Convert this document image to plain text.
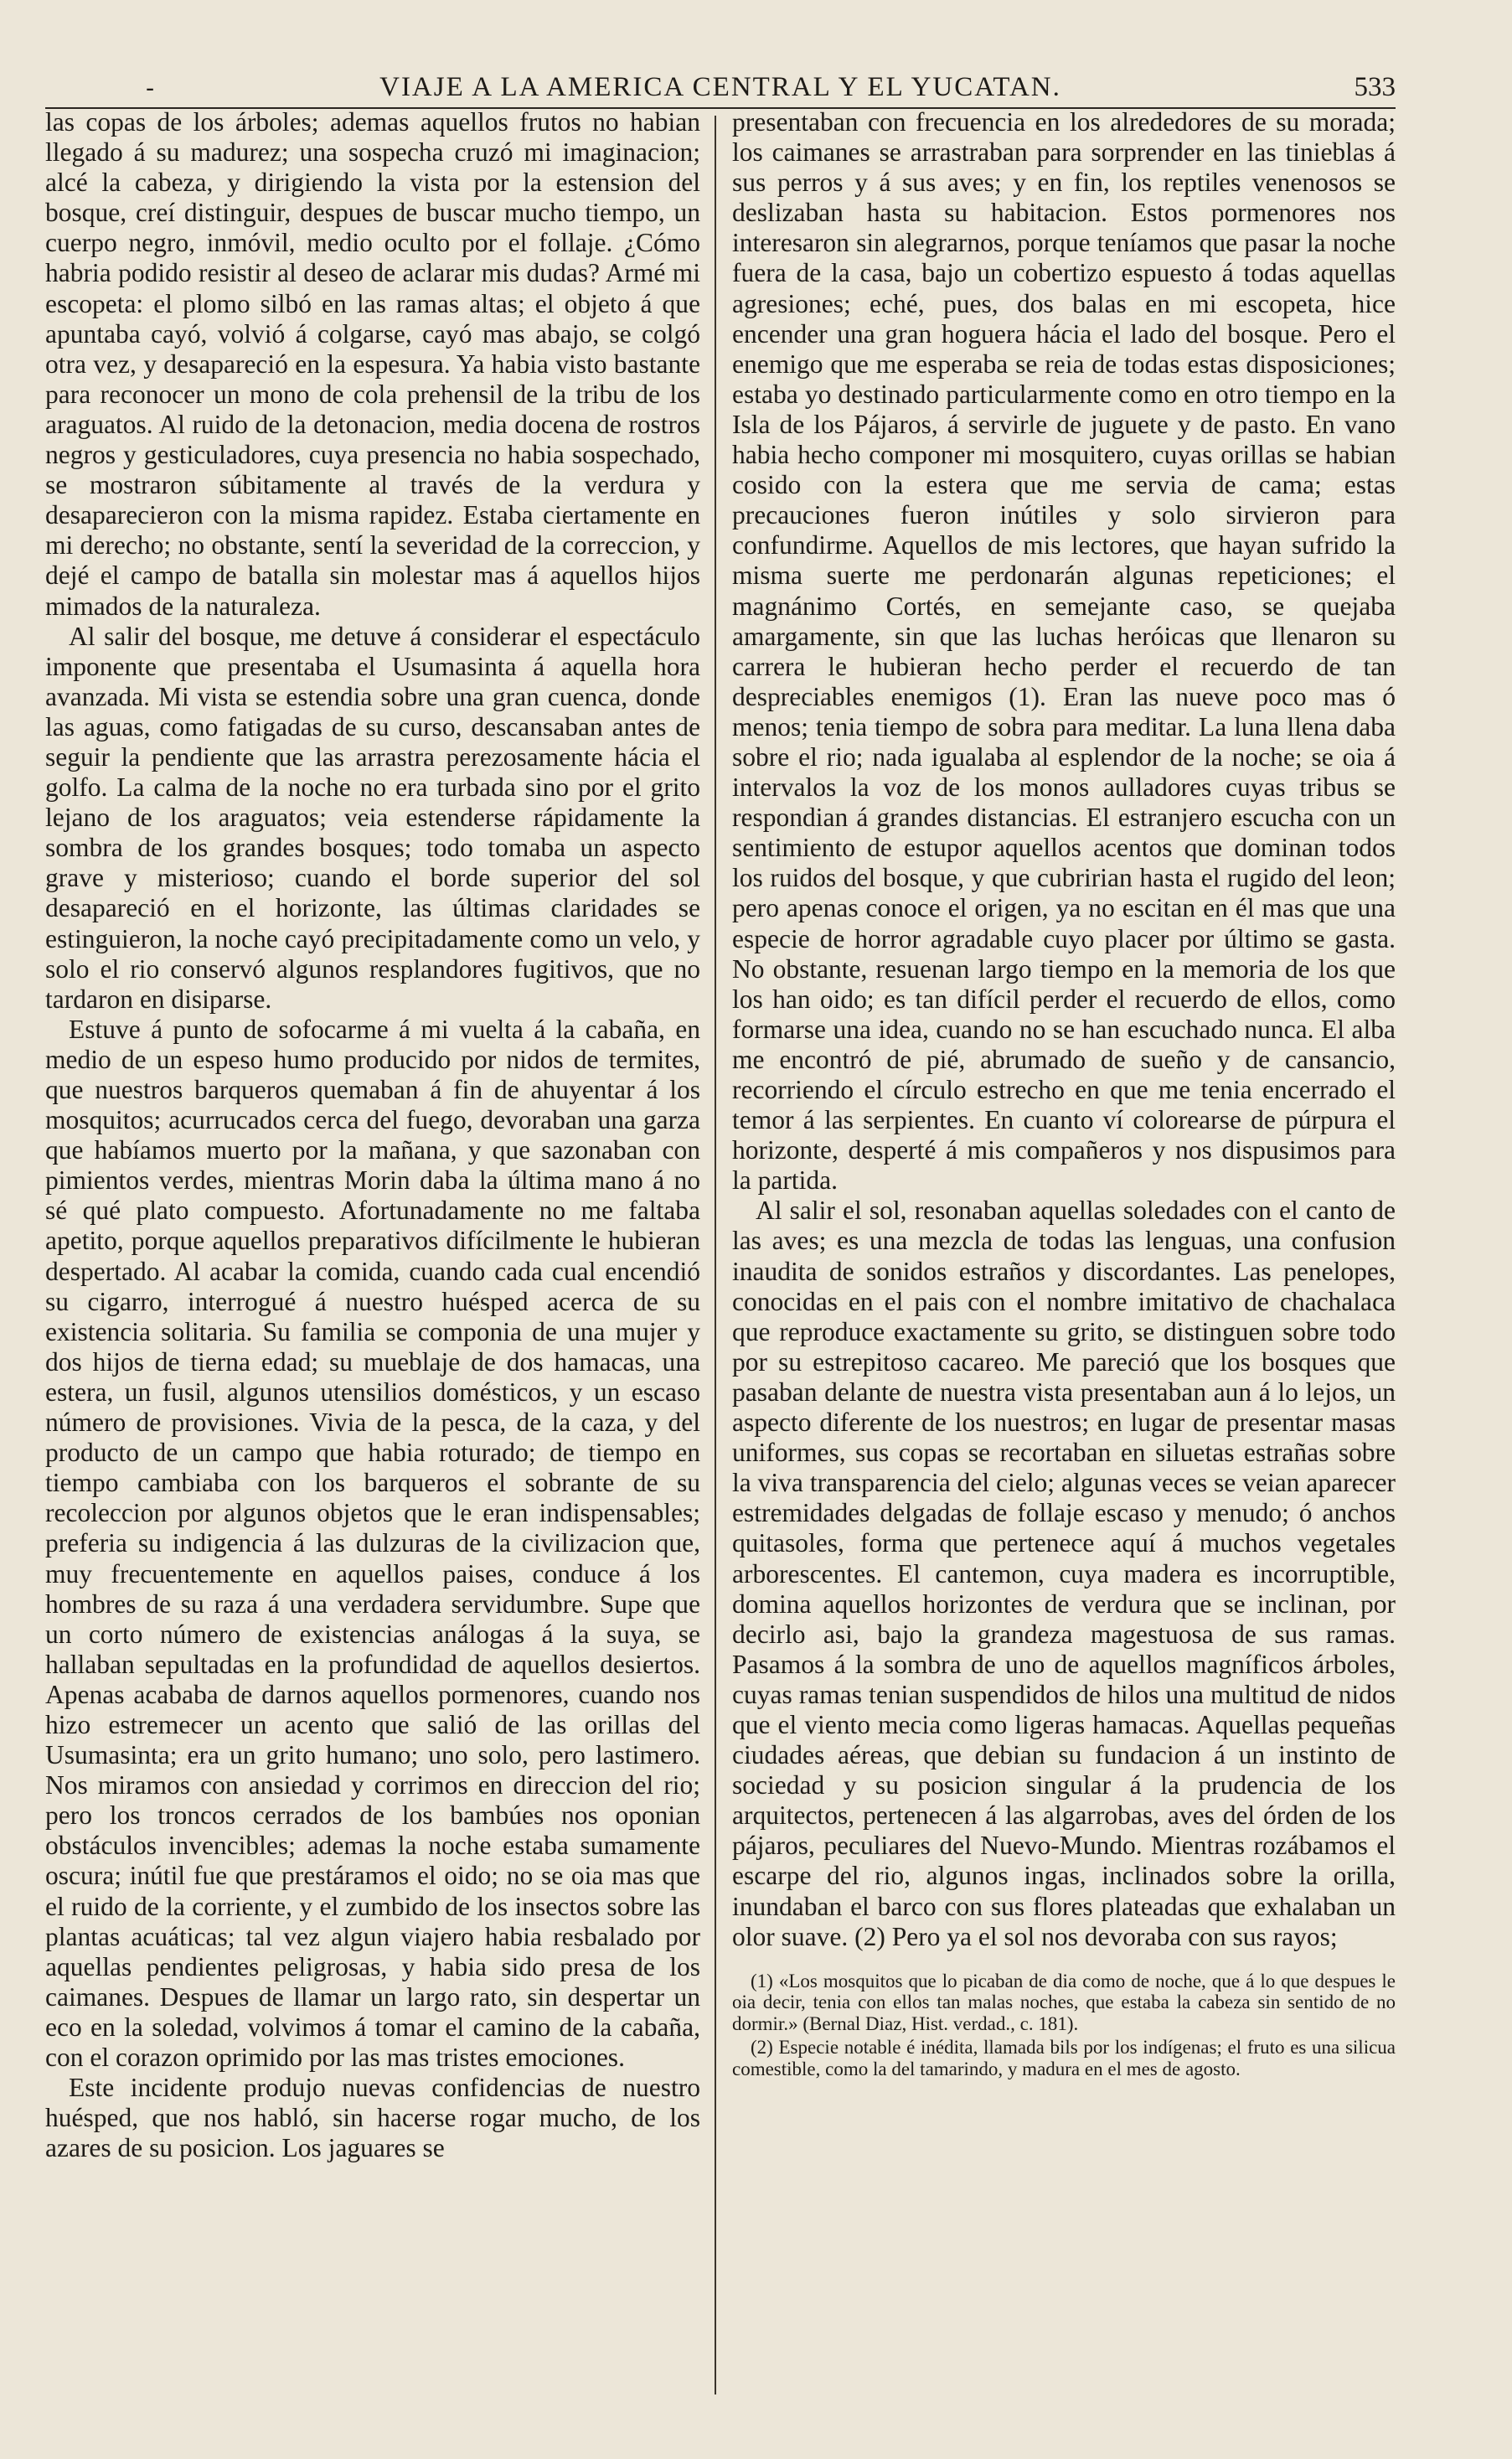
-	VIAJE A LA AMERICA CENTRAL Y EL YUCATAN.	533

las copas de los árboles; ademas aquellos frutos no habian llegado á su madurez; una sospecha cruzó mi imaginacion; alcé la cabeza, y dirigiendo la vista por la estension del bosque, creí distinguir, despues de buscar mucho tiempo, un cuerpo negro, inmóvil, medio oculto por el follaje. ¿Cómo habria podido resistir al deseo de aclarar mis dudas? Armé mi escopeta: el plomo silbó en las ramas altas; el objeto á que apuntaba cayó, volvió á colgarse, cayó mas abajo, se colgó otra vez, y desapareció en la espesura. Ya habia visto bastante para reconocer un mono de cola prehensil de la tribu de los araguatos. Al ruido de la detonacion, media docena de rostros negros y gesticuladores, cuya presencia no habia sospechado, se mostraron súbitamente al través de la verdura y desaparecieron con la misma rapidez. Estaba ciertamente en mi derecho; no obstante, sentí la severidad de la correccion, y dejé el campo de batalla sin molestar mas á aquellos hijos mimados de la naturaleza.

Al salir del bosque, me detuve á considerar el espectáculo imponente que presentaba el Usumasinta á aquella hora avanzada. Mi vista se estendia sobre una gran cuenca, donde las aguas, como fatigadas de su curso, descansaban antes de seguir la pendiente que las arrastra perezosamente hácia el golfo. La calma de la noche no era turbada sino por el grito lejano de los araguatos; veia estenderse rápidamente la sombra de los grandes bosques; todo tomaba un aspecto grave y misterioso; cuando el borde superior del sol desapareció en el horizonte, las últimas claridades se estinguieron, la noche cayó precipitadamente como un velo, y solo el rio conservó algunos resplandores fugitivos, que no tardaron en disiparse.

Estuve á punto de sofocarme á mi vuelta á la cabaña, en medio de un espeso humo producido por nidos de termites, que nuestros barqueros quemaban á fin de ahuyentar á los mosquitos; acurrucados cerca del fuego, devoraban una garza que habíamos muerto por la mañana, y que sazonaban con pimientos verdes, mientras Morin daba la última mano á no sé qué plato compuesto. Afortunadamente no me faltaba apetito, porque aquellos preparativos difícilmente le hubieran despertado. Al acabar la comida, cuando cada cual encendió su cigarro, interrogué á nuestro huésped acerca de su existencia solitaria. Su familia se componia de una mujer y dos hijos de tierna edad; su mueblaje de dos hamacas, una estera, un fusil, algunos utensilios domésticos, y un escaso número de provisiones. Vivia de la pesca, de la caza, y del producto de un campo que habia roturado; de tiempo en tiempo cambiaba con los barqueros el sobrante de su recoleccion por algunos objetos que le eran indispensables; preferia su indigencia á las dulzuras de la civilizacion que, muy frecuentemente en aquellos paises, conduce á los hombres de su raza á una verdadera servidumbre. Supe que un corto número de existencias análogas á la suya, se hallaban sepultadas en la profundidad de aquellos desiertos. Apenas acababa de darnos aquellos pormenores, cuando nos hizo estremecer un acento que salió de las orillas del Usumasinta; era un grito humano; uno solo, pero lastimero. Nos miramos con ansiedad y corrimos en direccion del rio; pero los troncos cerrados de los bambúes nos oponian obstáculos invencibles; ademas la noche estaba sumamente oscura; inútil fue que prestáramos el oido; no se oia mas que el ruido de la corriente, y el zumbido de los insectos sobre las plantas acuáticas; tal vez algun viajero habia resbalado por aquellas pendientes peligrosas, y habia sido presa de los caimanes. Despues de llamar un largo rato, sin despertar un eco en la soledad, volvimos á tomar el camino de la cabaña, con el corazon oprimido por las mas tristes emociones.

Este incidente produjo nuevas confidencias de nuestro huésped, que nos habló, sin hacerse rogar mucho, de los azares de su posicion. Los jaguares se

presentaban con frecuencia en los alrededores de su morada; los caimanes se arrastraban para sorprender en las tinieblas á sus perros y á sus aves; y en fin, los reptiles venenosos se deslizaban hasta su habitacion. Estos pormenores nos interesaron sin alegrarnos, porque teníamos que pasar la noche fuera de la casa, bajo un cobertizo espuesto á todas aquellas agresiones; eché, pues, dos balas en mi escopeta, hice encender una gran hoguera hácia el lado del bosque. Pero el enemigo que me esperaba se reia de todas estas disposiciones; estaba yo destinado particularmente como en otro tiempo en la Isla de los Pájaros, á servirle de juguete y de pasto. En vano habia hecho componer mi mosquitero, cuyas orillas se habian cosido con la estera que me servia de cama; estas precauciones fueron inútiles y solo sirvieron para confundirme. Aquellos de mis lectores, que hayan sufrido la misma suerte me perdonarán algunas repeticiones; el magnánimo Cortés, en semejante caso, se quejaba amargamente, sin que las luchas heróicas que llenaron su carrera le hubieran hecho perder el recuerdo de tan despreciables enemigos (1). Eran las nueve poco mas ó menos; tenia tiempo de sobra para meditar. La luna llena daba sobre el rio; nada igualaba al esplendor de la noche; se oia á intervalos la voz de los monos aulladores cuyas tribus se respondian á grandes distancias. El estranjero escucha con un sentimiento de estupor aquellos acentos que dominan todos los ruidos del bosque, y que cubririan hasta el rugido del leon; pero apenas conoce el origen, ya no escitan en él mas que una especie de horror agradable cuyo placer por último se gasta. No obstante, resuenan largo tiempo en la memoria de los que los han oido; es tan difícil perder el recuerdo de ellos, como formarse una idea, cuando no se han escuchado nunca. El alba me encontró de pié, abrumado de sueño y de cansancio, recorriendo el círculo estrecho en que me tenia encerrado el temor á las serpientes. En cuanto ví colorearse de púrpura el horizonte, desperté á mis compañeros y nos dispusimos para la partida.

Al salir el sol, resonaban aquellas soledades con el canto de las aves; es una mezcla de todas las lenguas, una confusion inaudita de sonidos estraños y discordantes. Las penelopes, conocidas en el pais con el nombre imitativo de chachalaca que reproduce exactamente su grito, se distinguen sobre todo por su estrepitoso cacareo. Me pareció que los bosques que pasaban delante de nuestra vista presentaban aun á lo lejos, un aspecto diferente de los nuestros; en lugar de presentar masas uniformes, sus copas se recortaban en siluetas estrañas sobre la viva transparencia del cielo; algunas veces se veian aparecer estremidades delgadas de follaje escaso y menudo; ó anchos quitasoles, forma que pertenece aquí á muchos vegetales arborescentes. El cantemon, cuya madera es incorruptible, domina aquellos horizontes de verdura que se inclinan, por decirlo asi, bajo la grandeza magestuosa de sus ramas. Pasamos á la sombra de uno de aquellos magníficos árboles, cuyas ramas tenian suspendidos de hilos una multitud de nidos que el viento mecia como ligeras hamacas. Aquellas pequeñas ciudades aéreas, que debian su fundacion á un instinto de sociedad y su posicion singular á la prudencia de los arquitectos, pertenecen á las algarrobas, aves del órden de los pájaros, peculiares del Nuevo-Mundo. Mientras rozábamos el escarpe del rio, algunos ingas, inclinados sobre la orilla, inundaban el barco con sus flores plateadas que exhalaban un olor suave. (2) Pero ya el sol nos devoraba con sus rayos;

(1) «Los mosquitos que lo picaban de dia como de noche, que á lo que despues le oia decir, tenia con ellos tan malas noches, que estaba la cabeza sin sentido de no dormir.» (Bernal Diaz, Hist. verdad., c. 181).

(2) Especie notable é inédita, llamada bils por los indígenas; el fruto es una silicua comestible, como la del tamarindo, y madura en el mes de agosto.
